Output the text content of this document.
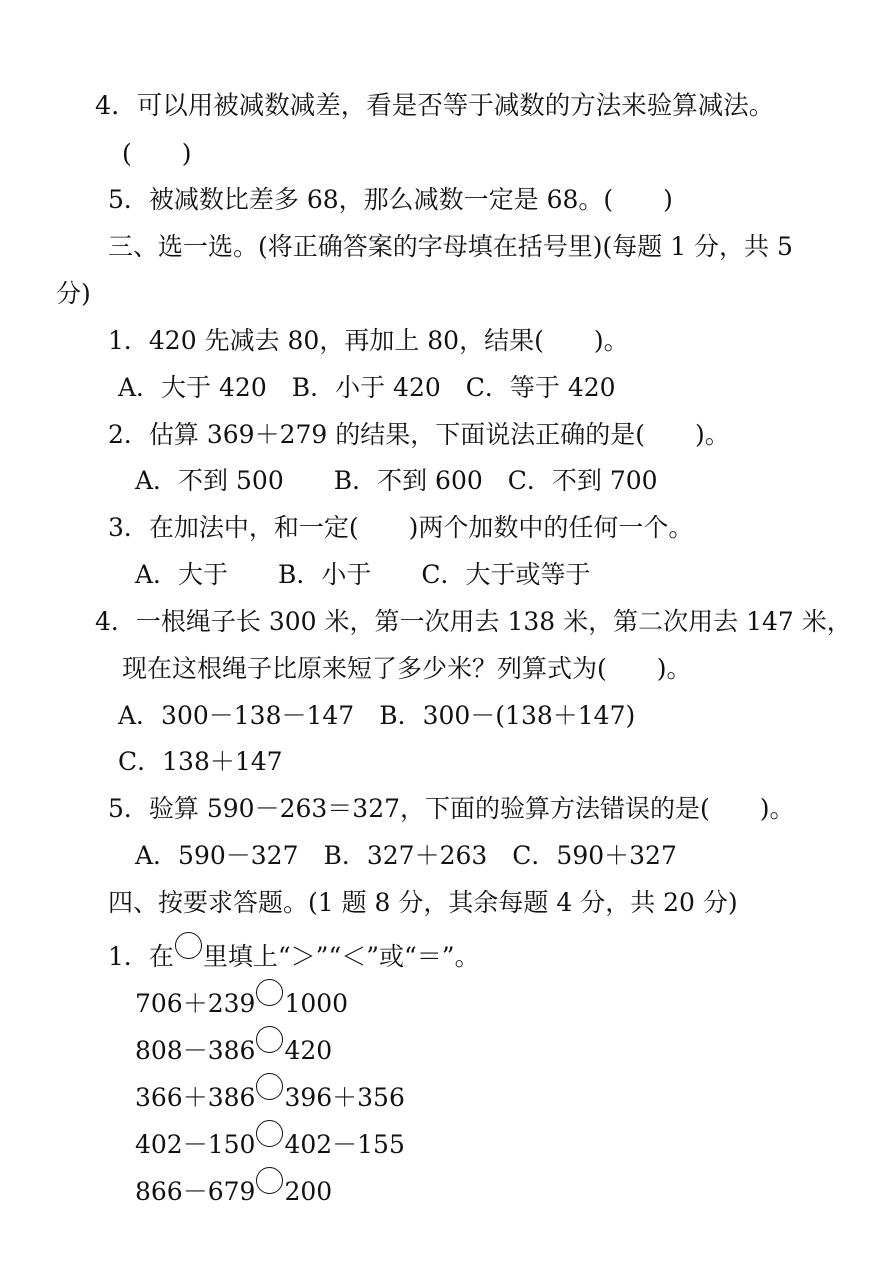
4．可以用被减数减差，看是否等于减数的方法来验算减法。
(　　)
5．被减数比差多 68，那么减数一定是 68。(　　)
三、选一选。(将正确答案的字母填在括号里)(每题 1 分，共 5
分)
1．420 先减去 80，再加上 80，结果(　　)。
A．大于 420　B．小于 420　C．等于 420
2．估算 369＋279 的结果，下面说法正确的是(　　)。
A．不到 500　　B．不到 600　C．不到 700
3．在加法中，和一定(　　)两个加数中的任何一个。
A．大于　　B．小于　　C．大于或等于
4．一根绳子长 300 米，第一次用去 138 米，第二次用去 147 米，
现在这根绳子比原来短了多少米？列算式为(　　)。
A．300－138－147　B．300－(138＋147)
C．138＋147
5．验算 590－263＝327，下面的验算方法错误的是(　　)。
A．590－327　B．327＋263　C．590＋327
四、按要求答题。(1 题 8 分，其余每题 4 分，共 20 分)
1．在 里填上“＞”“＜”或“＝”。
706＋239 1000
808－386 420
366＋386 396＋356
402－150 402－155
866－679 200
